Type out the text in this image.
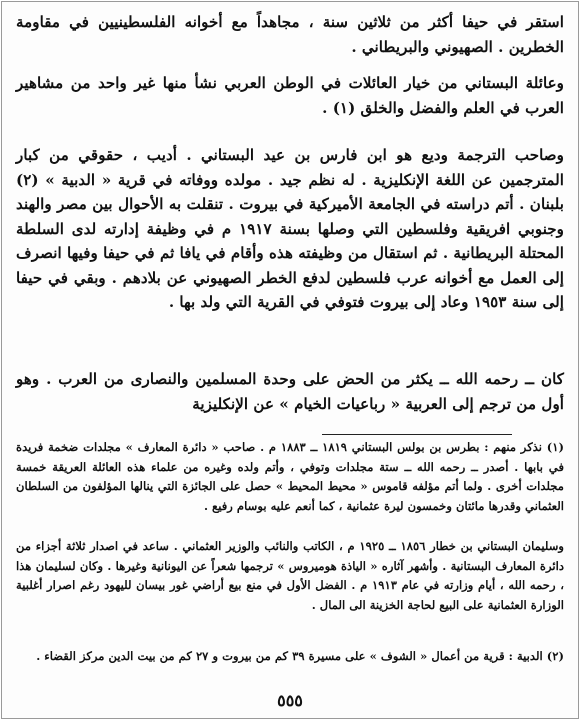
استقر في حيفا أكثر من ثلاثين سنة ، مجاهداً مع أخوانه الفلسطينيين في مقاومة الخطرين . الصهيوني والبريطاني .

وعائلة البستاني من خيار العائلات في الوطن العربي نشأ منها غير واحد من مشاهير العرب في العلم والفضل والخلق (١) .

وصاحب الترجمة وديع هو ابن فارس بن عيد البستاني . أديب ، حقوقي من كبار المترجمين عن اللغة الإنكليزية . له نظم جيد . مولده ووفاته في قرية « الدبية » (٢) بلبنان . أتم دراسته في الجامعة الأميركية في بيروت . تنقلت به الأحوال بين مصر والهند وجنوبي افريقية وفلسطين التي وصلها بسنة ١٩١٧ م في وظيفة إدارته لدى السلطة المحتلة البريطانية . ثم استقال من وظيفته هذه وأقام في يافا ثم في حيفا وفيها انصرف إلى العمل مع أخوانه عرب فلسطين لدفع الخطر الصهيوني عن بلادهم . وبقي في حيفا إلى سنة ١٩٥٣ وعاد إلى بيروت فتوفي في القرية التي ولد بها .

كان ــ رحمه الله ــ يكثر من الحض على وحدة المسلمين والنصارى من العرب . وهو أول من ترجم إلى العربية « رباعيات الخيام » عن الإنكليزية

(١) نذكر منهم : بطرس بن بولس البستاني ١٨١٩ ــ ١٨٨٣ م . صاحب « دائرة المعارف » مجلدات ضخمة فريدة في بابها . أصدر ــ رحمه الله ــ ستة مجلدات وتوفي ، وأتم ولده وغيره من علماء هذه العائلة العريقة خمسة مجلدات أخرى . ولما أتم مؤلفه قاموس « محيط المحيط » حصل على الجائزة التي ينالها المؤلفون من السلطان العثماني وقدرها مائتان وخمسون ليرة عثمانية ، كما أنعم عليه بوسام رفيع .

وسليمان البستاني بن خطار ١٨٥٦ ــ ١٩٢٥ م ، الكاتب والنائب والوزير العثماني . ساعد في اصدار ثلاثة أجزاء من دائرة المعارف البستانية . وأشهر آثاره « الياذة هوميروس » ترجمها شعراً عن اليونانية وغيرها . وكان لسليمان هذا ، رحمه الله ، أيام وزارته في عام ١٩١٣ م . الفضل الأول في منع بيع أراضي غور بيسان لليهود رغم اصرار أغلبية الوزارة العثمانية على البيع لحاجة الخزينة الى المال .

(٢) الدبية : قرية من أعمال « الشوف » على مسيرة ٣٩ كم من بيروت و ٢٧ كم من بيت الدين مركز القضاء .

٥٥٥
